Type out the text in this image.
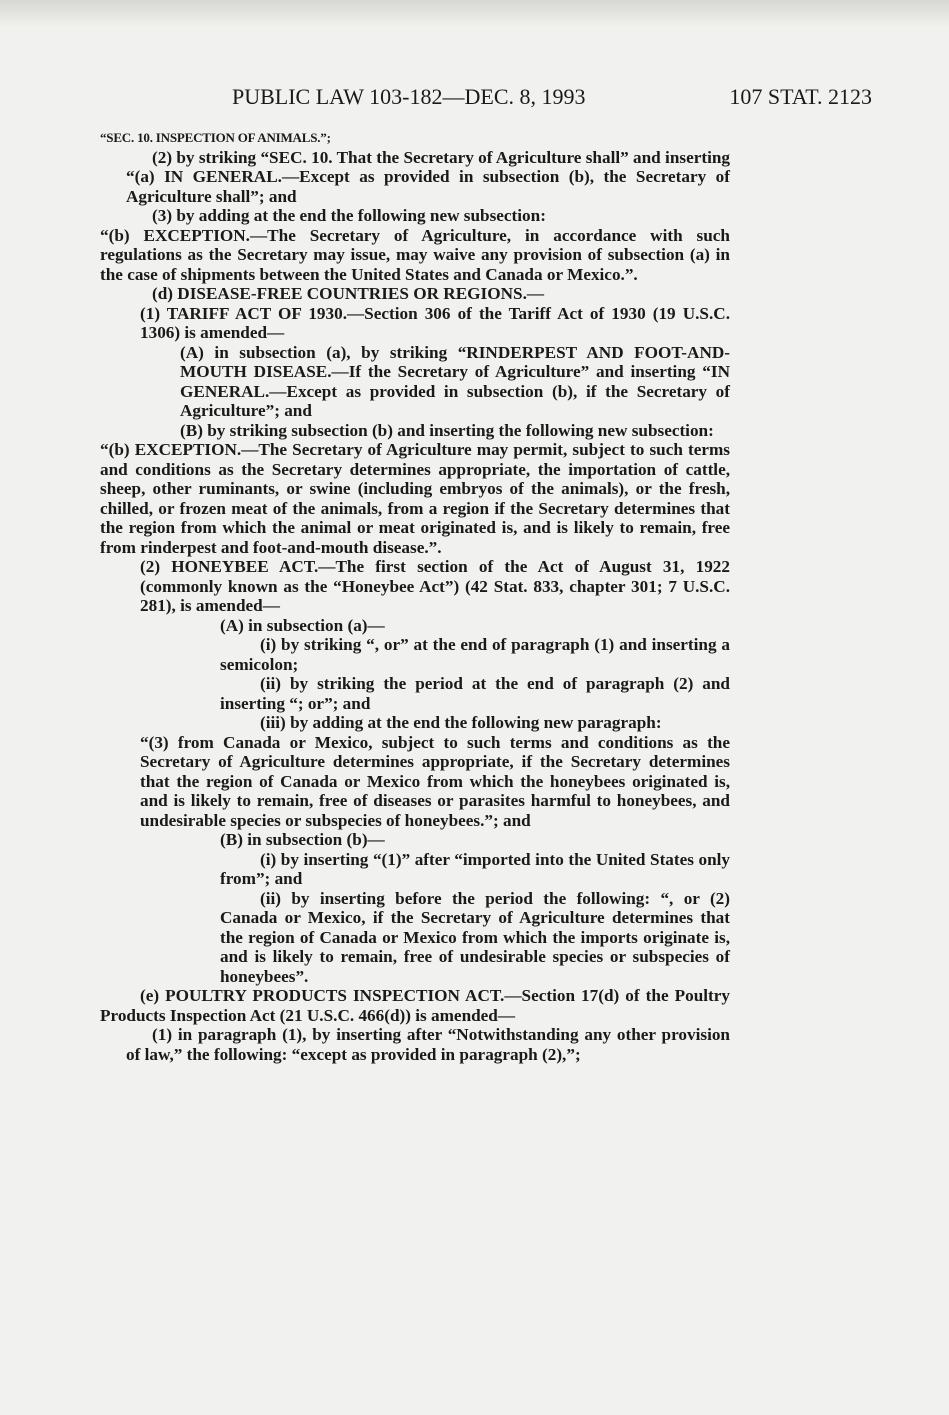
PUBLIC LAW 103-182—DEC. 8, 1993	107 STAT. 2123

“SEC. 10. INSPECTION OF ANIMALS.”;

(2) by striking “SEC. 10. That the Secretary of Agriculture shall” and inserting “(a) IN GENERAL.—Except as provided in subsection (b), the Secretary of Agriculture shall”; and

(3) by adding at the end the following new subsection:

“(b) EXCEPTION.—The Secretary of Agriculture, in accordance with such regulations as the Secretary may issue, may waive any provision of subsection (a) in the case of shipments between the United States and Canada or Mexico.”.

(d) DISEASE-FREE COUNTRIES OR REGIONS.—

(1) TARIFF ACT OF 1930.—Section 306 of the Tariff Act of 1930 (19 U.S.C. 1306) is amended—

(A) in subsection (a), by striking “RINDERPEST AND FOOT-AND-MOUTH DISEASE.—If the Secretary of Agriculture” and inserting “IN GENERAL.—Except as provided in subsection (b), if the Secretary of Agriculture”; and

(B) by striking subsection (b) and inserting the following new subsection:

“(b) EXCEPTION.—The Secretary of Agriculture may permit, subject to such terms and conditions as the Secretary determines appropriate, the importation of cattle, sheep, other ruminants, or swine (including embryos of the animals), or the fresh, chilled, or frozen meat of the animals, from a region if the Secretary determines that the region from which the animal or meat originated is, and is likely to remain, free from rinderpest and foot-and-mouth disease.”.

(2) HONEYBEE ACT.—The first section of the Act of August 31, 1922 (commonly known as the “Honeybee Act”) (42 Stat. 833, chapter 301; 7 U.S.C. 281), is amended—

(A) in subsection (a)—

(i) by striking “, or” at the end of paragraph (1) and inserting a semicolon;

(ii) by striking the period at the end of paragraph (2) and inserting “; or”; and

(iii) by adding at the end the following new paragraph:

“(3) from Canada or Mexico, subject to such terms and conditions as the Secretary of Agriculture determines appropriate, if the Secretary determines that the region of Canada or Mexico from which the honeybees originated is, and is likely to remain, free of diseases or parasites harmful to honeybees, and undesirable species or subspecies of honeybees.”; and

(B) in subsection (b)—

(i) by inserting “(1)” after “imported into the United States only from”; and

(ii) by inserting before the period the following: “, or (2) Canada or Mexico, if the Secretary of Agriculture determines that the region of Canada or Mexico from which the imports originate is, and is likely to remain, free of undesirable species or subspecies of honeybees”.

(e) POULTRY PRODUCTS INSPECTION ACT.—Section 17(d) of the Poultry Products Inspection Act (21 U.S.C. 466(d)) is amended—

(1) in paragraph (1), by inserting after “Notwithstanding any other provision of law,” the following: “except as provided in paragraph (2),”;
